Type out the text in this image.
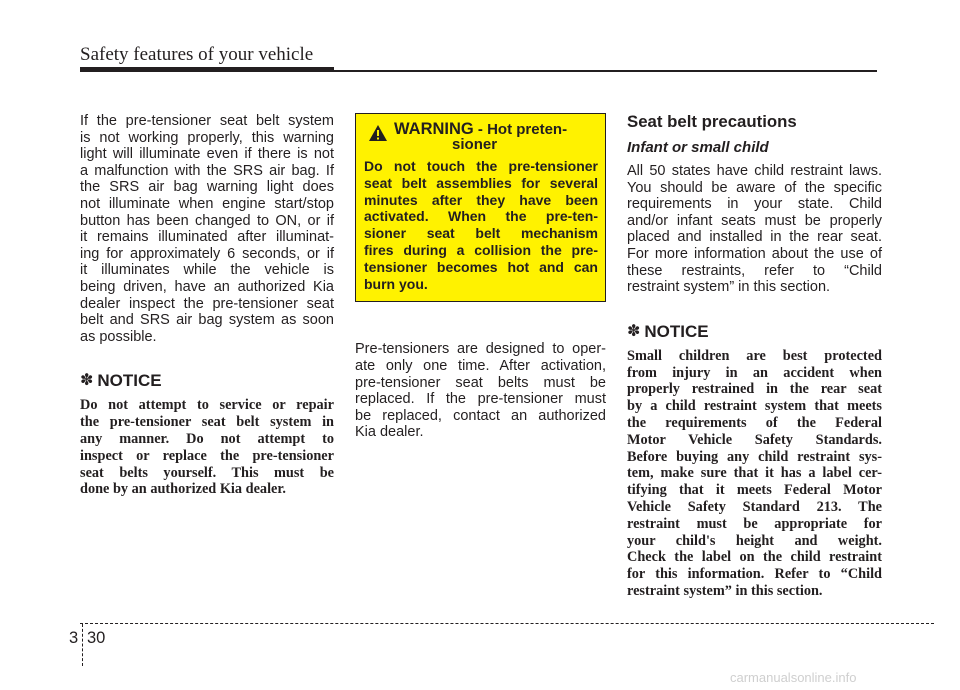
Safety features of your vehicle

If the pre-tensioner seat belt system
is not working properly, this warning
light will illuminate even if there is not
a malfunction with the SRS air bag. If
the SRS air bag warning light does
not illuminate when engine start/stop
button has been changed to ON, or if
it remains illuminated after illuminat-
ing for approximately 6 seconds, or if
it illuminates while the vehicle is
being driven, have an authorized Kia
dealer inspect the pre-tensioner seat
belt and SRS air bag system as soon
as possible.

✽ NOTICE

Do not attempt to service or repair
the pre-tensioner seat belt system in
any manner. Do not attempt to
inspect or replace the pre-tensioner
seat belts yourself. This must be
done by an authorized Kia dealer.

WARNING - Hot preten-
sioner

Do not touch the pre-tensioner
seat belt assemblies for several
minutes after they have been
activated. When the pre-ten-
sioner seat belt mechanism
fires during a collision the pre-
tensioner becomes hot and can
burn you.

Pre-tensioners are designed to oper-
ate only one time. After activation,
pre-tensioner seat belts must be
replaced. If the pre-tensioner must
be replaced, contact an authorized
Kia dealer.

Seat belt precautions
Infant or small child

All 50 states have child restraint laws.
You should be aware of the specific
requirements in your state. Child
and/or infant seats must be properly
placed and installed in the rear seat.
For more information about the use of
these restraints, refer to “Child
restraint system” in this section.

✽ NOTICE

Small children are best protected
from injury in an accident when
properly restrained in the rear seat
by a child restraint system that meets
the requirements of the Federal
Motor Vehicle Safety Standards.
Before buying any child restraint sys-
tem, make sure that it has a label cer-
tifying that it meets Federal Motor
Vehicle Safety Standard 213. The
restraint must be appropriate for
your child's height and weight.
Check the label on the child restraint
for this information. Refer to “Child
restraint system” in this section.

3 30
carmanualsonline.info
